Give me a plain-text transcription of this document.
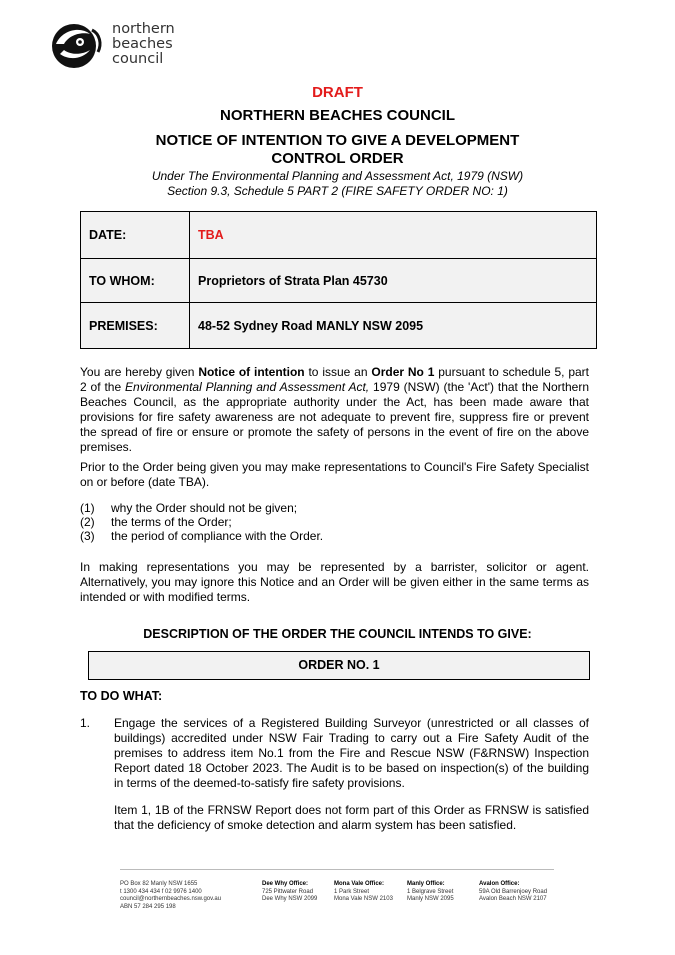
northern
beaches
council
DRAFT
NORTHERN BEACHES COUNCIL
NOTICE OF INTENTION TO GIVE A DEVELOPMENT
CONTROL ORDER
Under The Environmental Planning and Assessment Act, 1979 (NSW)
Section 9.3, Schedule 5 PART 2 (FIRE SAFETY ORDER NO: 1)
DATE:	TBA
TO WHOM:	Proprietors of Strata Plan 45730
PREMISES:	48-52 Sydney Road MANLY NSW 2095
You are hereby given Notice of intention to issue an Order No 1 pursuant to schedule 5, part 2 of the Environmental Planning and Assessment Act, 1979 (NSW) (the 'Act') that the Northern Beaches Council, as the appropriate authority under the Act, has been made aware that provisions for fire safety awareness are not adequate to prevent fire, suppress fire or prevent the spread of fire or ensure or promote the safety of persons in the event of fire on the above premises.
Prior to the Order being given you may make representations to Council's Fire Safety Specialist on or before (date TBA).
(1)	why the Order should not be given;
(2)	the terms of the Order;
(3)	the period of compliance with the Order.
In making representations you may be represented by a barrister, solicitor or agent. Alternatively, you may ignore this Notice and an Order will be given either in the same terms as intended or with modified terms.
DESCRIPTION OF THE ORDER THE COUNCIL INTENDS TO GIVE:
ORDER NO. 1
TO DO WHAT:
1. Engage the services of a Registered Building Surveyor (unrestricted or all classes of buildings) accredited under NSW Fair Trading to carry out a Fire Safety Audit of the premises to address item No.1 from the Fire and Rescue NSW (F&RNSW) Inspection Report dated 18 October 2023. The Audit is to be based on inspection(s) of the building in terms of the deemed-to-satisfy fire safety provisions.
Item 1, 1B of the FRNSW Report does not form part of this Order as FRNSW is satisfied that the deficiency of smoke detection and alarm system has been satisfied.
PO Box 82 Manly NSW 1655
t 1300 434 434 f 02 9976 1400
council@northernbeaches.nsw.gov.au
ABN 57 284 295 198
Dee Why Office:
725 Pittwater Road
Dee Why NSW 2099
Mona Vale Office:
1 Park Street
Mona Vale NSW 2103
Manly Office:
1 Belgrave Street
Manly NSW 2095
Avalon Office:
59A Old Barrenjoey Road
Avalon Beach NSW 2107
